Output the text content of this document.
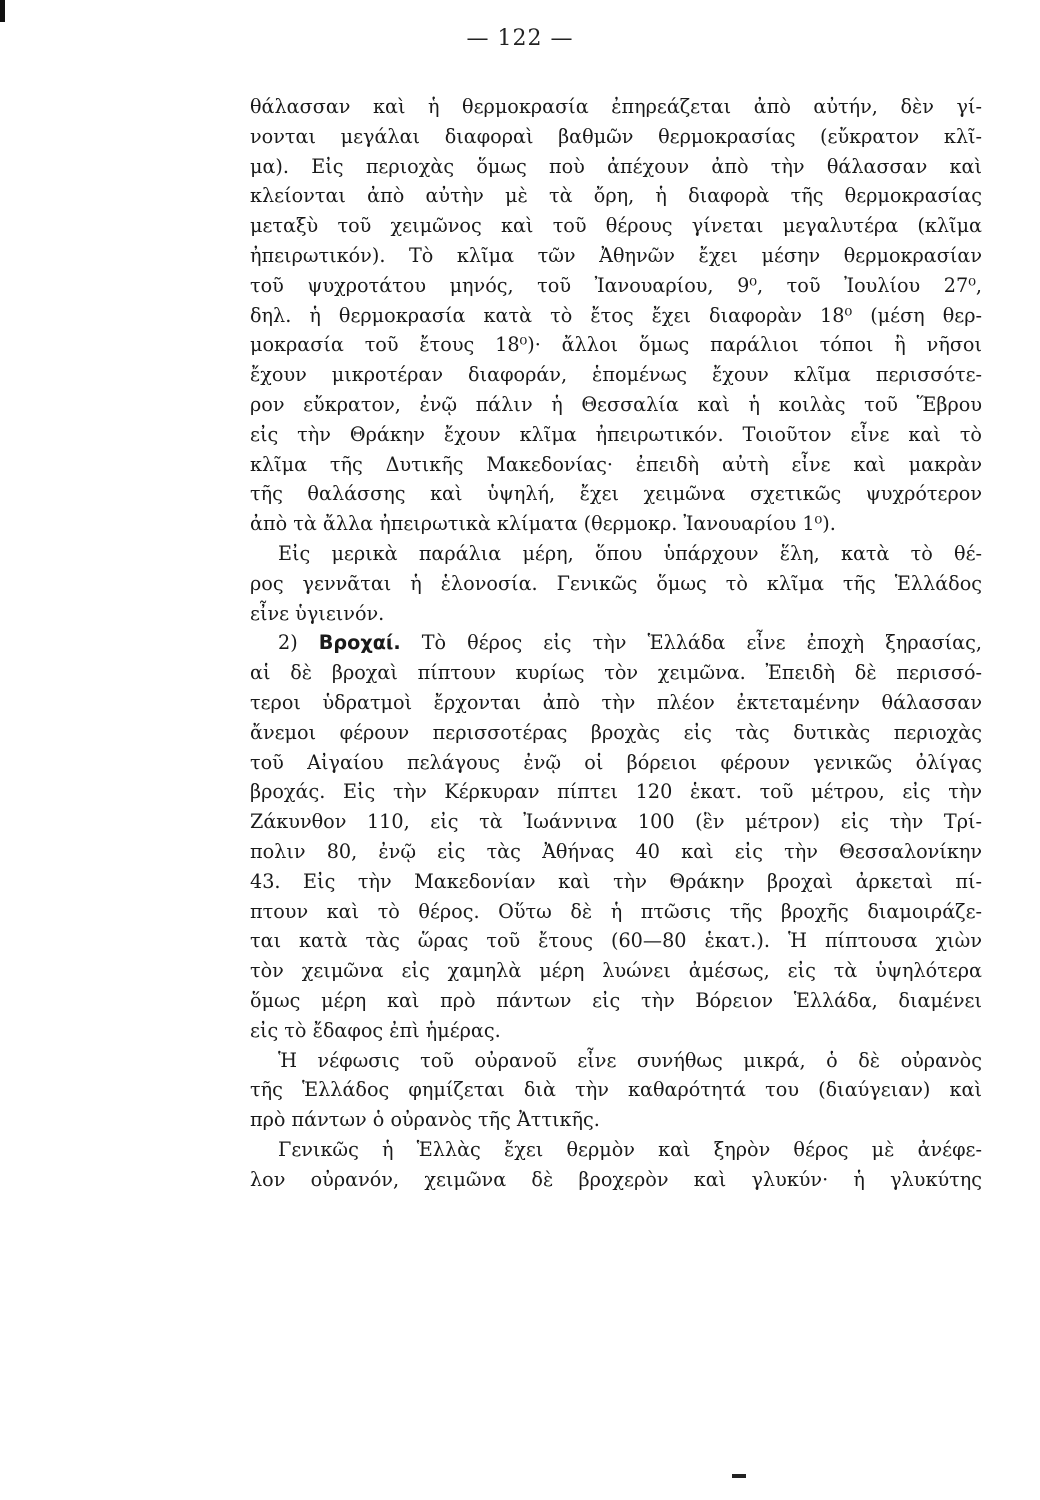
— 122 —
θάλασσαν καὶ ἡ θερμοκρασία ἐπηρεάζεται ἀπὸ αὐτήν, δὲν γί-
νονται μεγάλαι διαφοραὶ βαθμῶν θερμοκρασίας (εὔκρατον κλῖ-
μα). Εἰς περιοχὰς ὅμως ποὺ ἀπέχουν ἀπὸ τὴν θάλασσαν καὶ
κλείονται ἀπὸ αὐτὴν μὲ τὰ ὄρη, ἡ διαφορὰ τῆς θερμοκρασίας
μεταξὺ τοῦ χειμῶνος καὶ τοῦ θέρους γίνεται μεγαλυτέρα (κλῖμα
ἠπειρωτικόν). Τὸ κλῖμα τῶν Ἀθηνῶν ἔχει μέσην θερμοκρασίαν
τοῦ ψυχροτάτου μηνός, τοῦ Ἰανουαρίου, 9⁰, τοῦ Ἰουλίου 27⁰,
δηλ. ἡ θερμοκρασία κατὰ τὸ ἔτος ἔχει διαφορὰν 18⁰ (μέση θερ-
μοκρασία τοῦ ἔτους 18⁰)· ἄλλοι ὅμως παράλιοι τόποι ἢ νῆσοι
ἔχουν μικροτέραν διαφοράν, ἑπομένως ἔχουν κλῖμα περισσότε-
ρον εὔκρατον, ἐνῷ πάλιν ἡ Θεσσαλία καὶ ἡ κοιλὰς τοῦ Ἕβρου
εἰς τὴν Θράκην ἔχουν κλῖμα ἠπειρωτικόν. Τοιοῦτον εἶνε καὶ τὸ
κλῖμα τῆς Δυτικῆς Μακεδονίας· ἐπειδὴ αὐτὴ εἶνε καὶ μακρὰν
τῆς θαλάσσης καὶ ὑψηλή, ἔχει χειμῶνα σχετικῶς ψυχρότερον
ἀπὸ τὰ ἄλλα ἠπειρωτικὰ κλίματα (θερμοκρ. Ἰανουαρίου 1⁰).
Εἰς μερικὰ παράλια μέρη, ὅπου ὑπάρχουν ἕλη, κατὰ τὸ θέ-
ρος γεννᾶται ἡ ἑλονοσία. Γενικῶς ὅμως τὸ κλῖμα τῆς Ἑλλάδος
εἶνε ὑγιεινόν.
2) Βροχαί. Τὸ θέρος εἰς τὴν Ἑλλάδα εἶνε ἐποχὴ ξηρασίας,
αἱ δὲ βροχαὶ πίπτουν κυρίως τὸν χειμῶνα. Ἐπειδὴ δὲ περισσό-
τεροι ὑδρατμοὶ ἔρχονται ἀπὸ τὴν πλέον ἐκτεταμένην θάλασσαν
ἄνεμοι φέρουν περισσοτέρας βροχὰς εἰς τὰς δυτικὰς περιοχὰς
τοῦ Αἰγαίου πελάγους ἐνῷ οἱ βόρειοι φέρουν γενικῶς ὀλίγας
βροχάς. Εἰς τὴν Κέρκυραν πίπτει 120 ἑκατ. τοῦ μέτρου, εἰς τὴν
Ζάκυνθον 110, εἰς τὰ Ἰωάννινα 100 (ἓν μέτρον) εἰς τὴν Τρί-
πολιν 80, ἐνῷ εἰς τὰς Ἀθήνας 40 καὶ εἰς τὴν Θεσσαλονίκην
43. Εἰς τὴν Μακεδονίαν καὶ τὴν Θράκην βροχαὶ ἀρκεταὶ πί-
πτουν καὶ τὸ θέρος. Οὕτω δὲ ἡ πτῶσις τῆς βροχῆς διαμοιράζε-
ται κατὰ τὰς ὥρας τοῦ ἔτους (60—80 ἑκατ.). Ἡ πίπτουσα χιὼν
τὸν χειμῶνα εἰς χαμηλὰ μέρη λυώνει ἀμέσως, εἰς τὰ ὑψηλότερα
ὅμως μέρη καὶ πρὸ πάντων εἰς τὴν Βόρειον Ἑλλάδα, διαμένει
εἰς τὸ ἔδαφος ἐπὶ ἡμέρας.
Ἡ νέφωσις τοῦ οὐρανοῦ εἶνε συνήθως μικρά, ὁ δὲ οὐρανὸς
τῆς Ἑλλάδος φημίζεται διὰ τὴν καθαρότητά του (διαύγειαν) καὶ
πρὸ πάντων ὁ οὐρανὸς τῆς Ἀττικῆς.
Γενικῶς ἡ Ἑλλὰς ἔχει θερμὸν καὶ ξηρὸν θέρος μὲ ἀνέφε-
λον οὐρανόν, χειμῶνα δὲ βροχερὸν καὶ γλυκύν· ἡ γλυκύτης
